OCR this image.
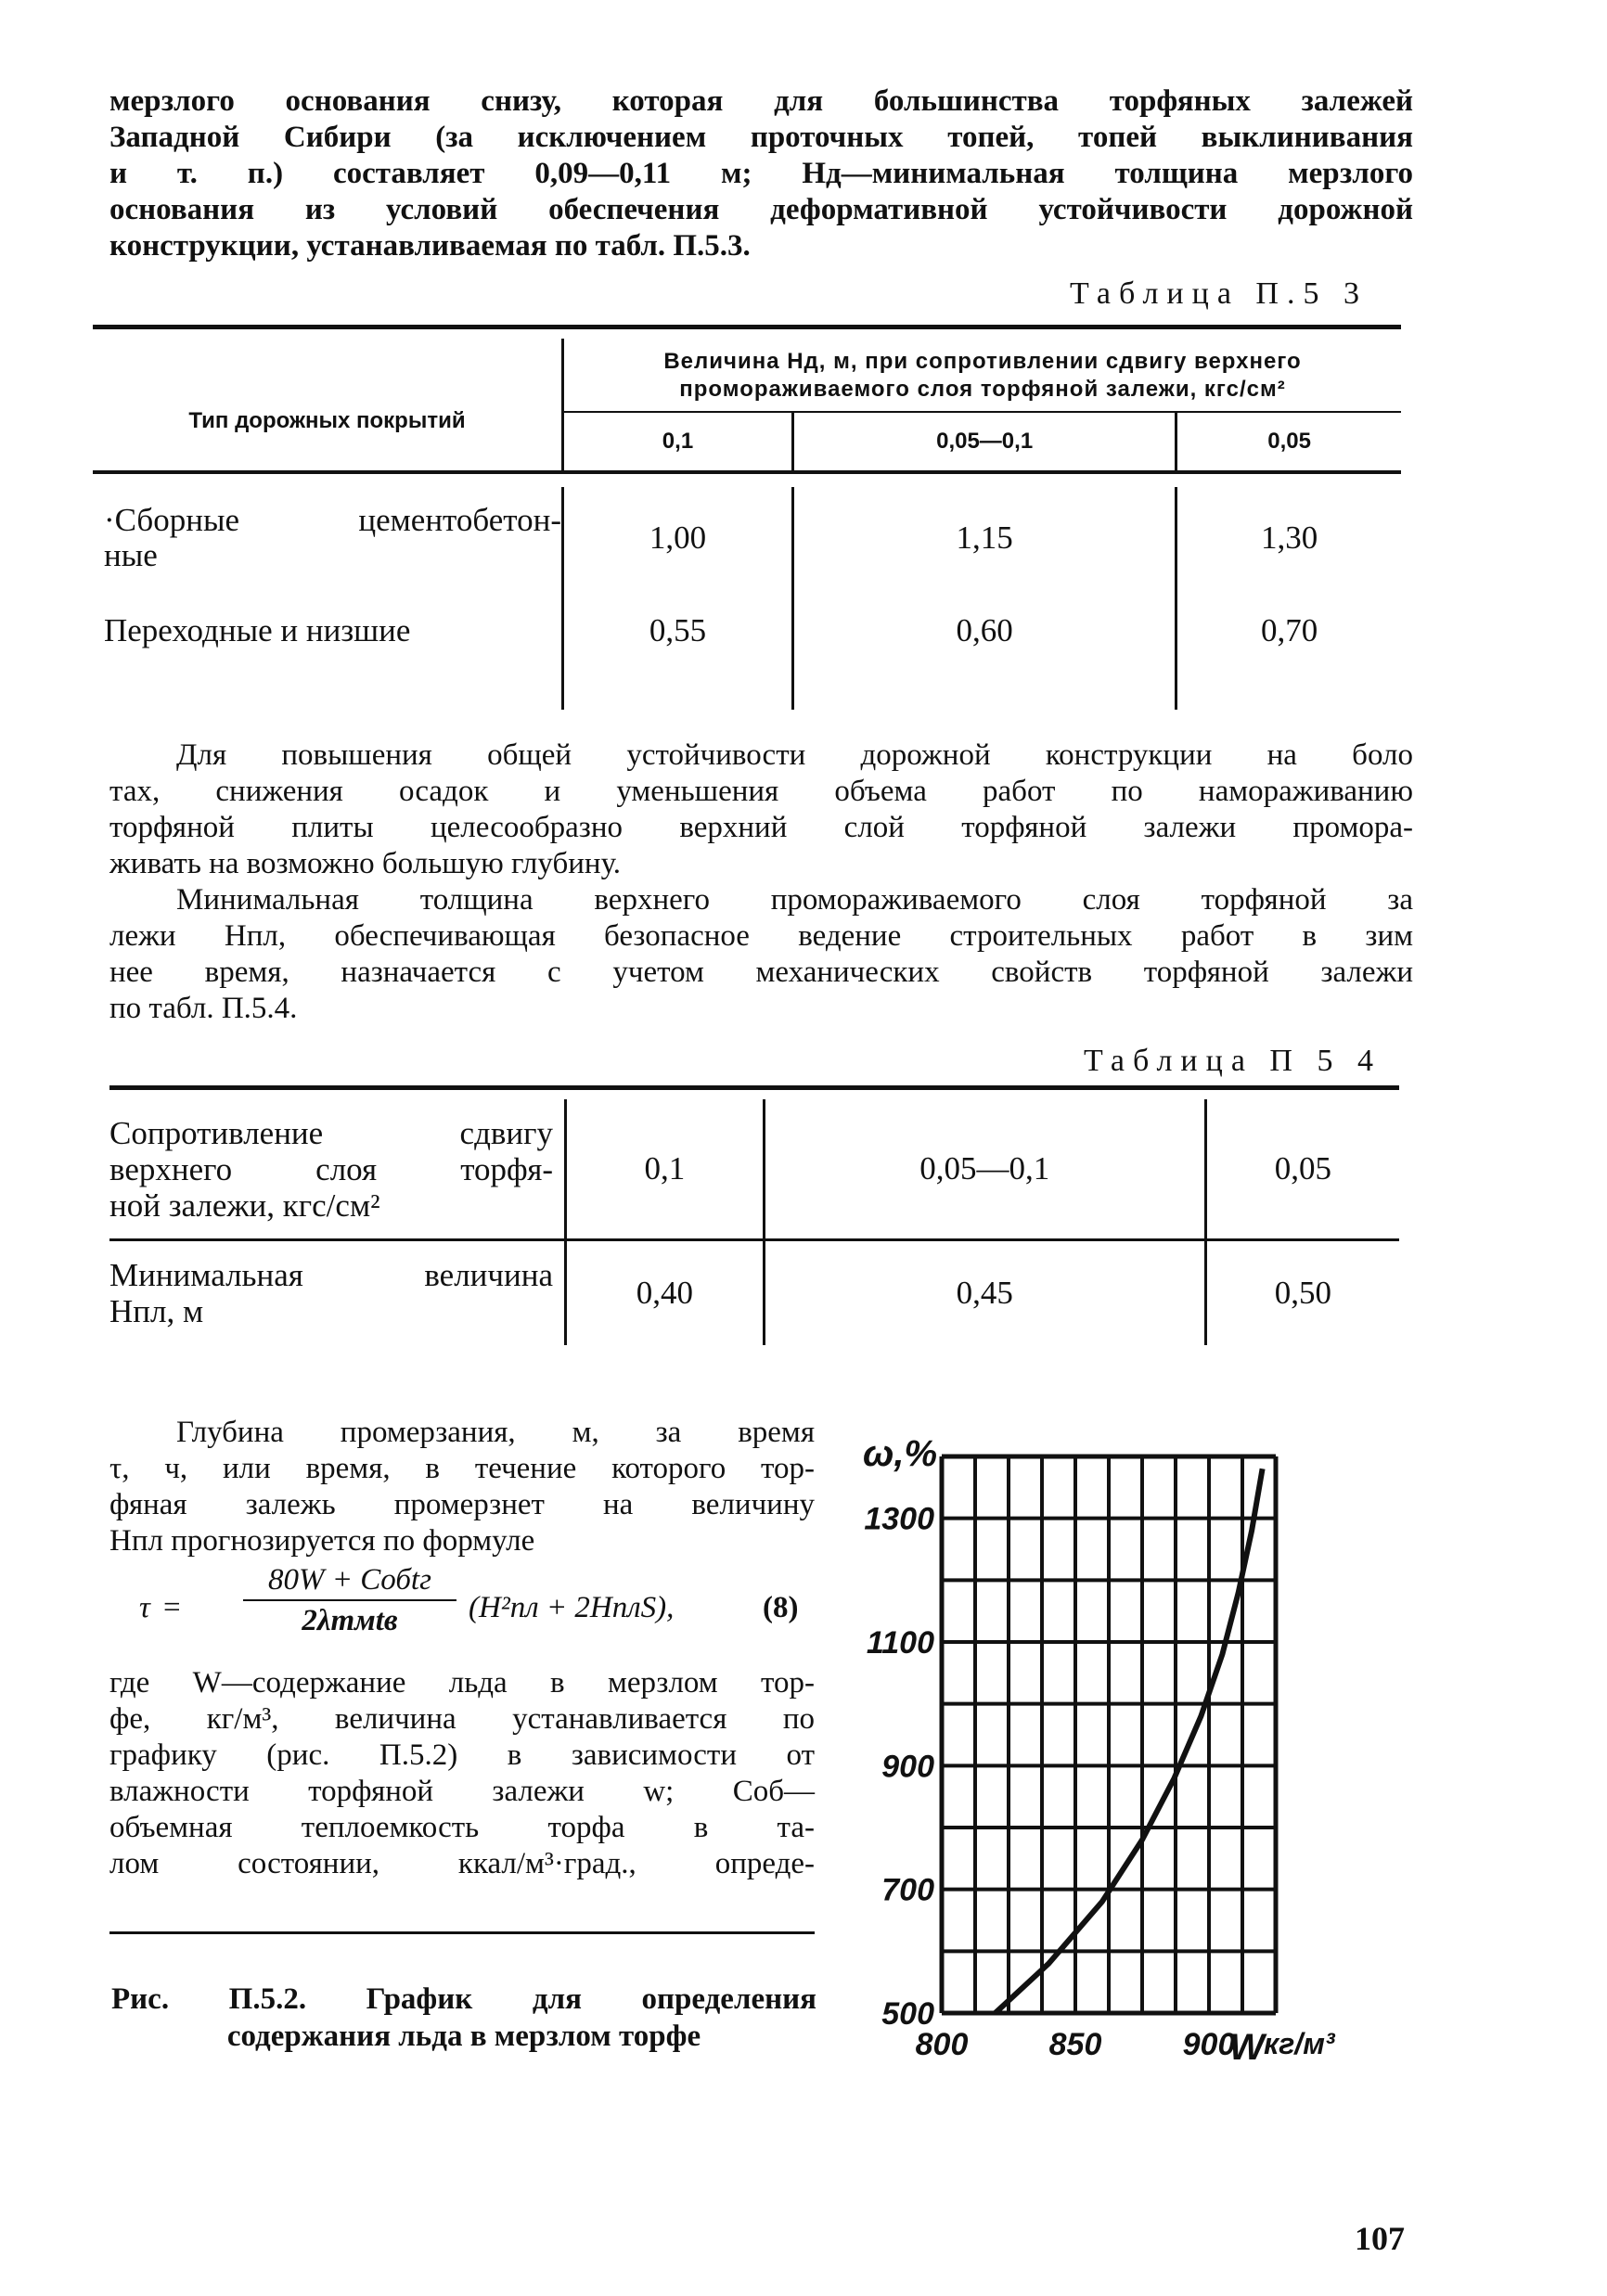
мерзлого основания снизу, которая для большинства торфяных залежей

Западной Сибири (за исключением проточных топей, топей выклинивания

и т. п.) составляет 0,09—0,11 м; Hд—минимальная толщина мерзлого

основания из условий обеспечения деформативной устойчивости дорожной

конструкции, устанавливаемая по табл. П.5.3.

Таблица П.5 3

Тип дорожных покрытий	Величина Hд, м, при сопротивлении сдвигу верхнего промораживаемого слоя торфяной залежи, кгс/см²		
	0,1	0,05—0,1	0,05

·Сборные цементобетон-

ные	1,00	1,15	1,30

Переходные и низшие	0,55	0,60	0,70

Для повышения общей устойчивости дорожной конструкции на боло

тах, снижения осадок и уменьшения объема работ по намораживанию

торфяной плиты целесообразно верхний слой торфяной залежи промора-

живать на возможно большую глубину.

Минимальная толщина верхнего промораживаемого слоя торфяной за

лежи Hпл, обеспечивающая безопасное ведение строительных работ в зим

нее время, назначается с учетом механических свойств торфяной залежи

по табл. П.5.4.

Таблица П 5 4

Сопротивление сдвигу

верхнего слоя торфя-

ной залежи, кгс/см²	0,1	0,05—0,1	0,05

Минимальная величина

Hпл, м	0,40	0,45	0,50

Глубина промерзания, м, за время

τ, ч, или время, в течение которого тор-

фяная залежь промерзнет на величину

Hпл прогнозируется по формуле

τ =
80W + Cобtг
2λтмtв	(H²пл + 2HплS),	(8)

где W—содержание льда в мерзлом тор-

фе, кг/м³, величина устанавливается по

графику (рис. П.5.2) в зависимости от

влажности торфяной залежи w; Cоб—

объемная теплоемкость торфа в та-

лом состоянии, ккал/м³·град., опреде-

Рис. П.5.2. График для определения

содержания льда в мерзлом торфе

500
700
900
1100
1300
800	850	900
ω,%
W кг/м³
107
